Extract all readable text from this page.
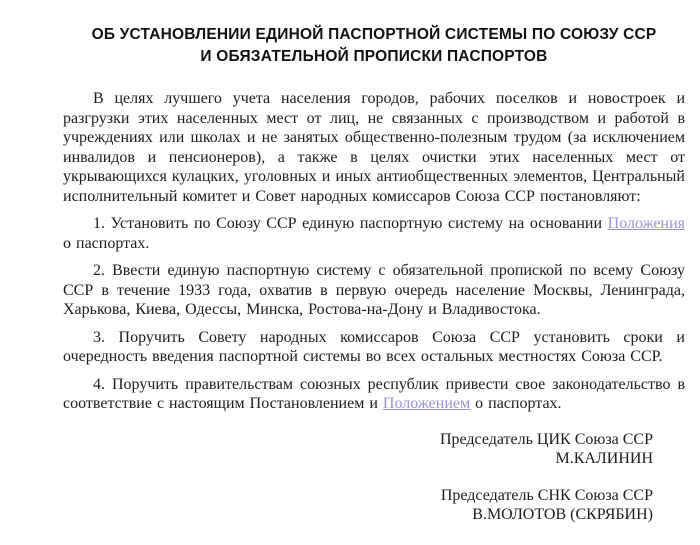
ОБ УСТАНОВЛЕНИИ ЕДИНОЙ ПАСПОРТНОЙ СИСТЕМЫ ПО СОЮЗУ ССР
И ОБЯЗАТЕЛЬНОЙ ПРОПИСКИ ПАСПОРТОВ

В целях лучшего учета населения городов, рабочих поселков и новостроек и разгрузки этих населенных мест от лиц, не связанных с производством и работой в учреждениях или школах и не занятых общественно-полезным трудом (за исключением инвалидов и пенсионеров), а также в целях очистки этих населенных мест от укрывающихся кулацких, уголовных и иных антиобщественных элементов, Центральный исполнительный комитет и Совет народных комиссаров Союза ССР постановляют:

1. Установить по Союзу ССР единую паспортную систему на основании Положения о паспортах.

2. Ввести единую паспортную систему с обязательной пропиской по всему Союзу ССР в течение 1933 года, охватив в первую очередь население Москвы, Ленинграда, Харькова, Киева, Одессы, Минска, Ростова-на-Дону и Владивостока.

3. Поручить Совету народных комиссаров Союза ССР установить сроки и очередность введения паспортной системы во всех остальных местностях Союза ССР.

4. Поручить правительствам союзных республик привести свое законодательство в соответствие с настоящим Постановлением и Положением о паспортах.

Председатель ЦИК Союза ССР
М.КАЛИНИН
Председатель СНК Союза ССР
В.МОЛОТОВ (СКРЯБИН)
